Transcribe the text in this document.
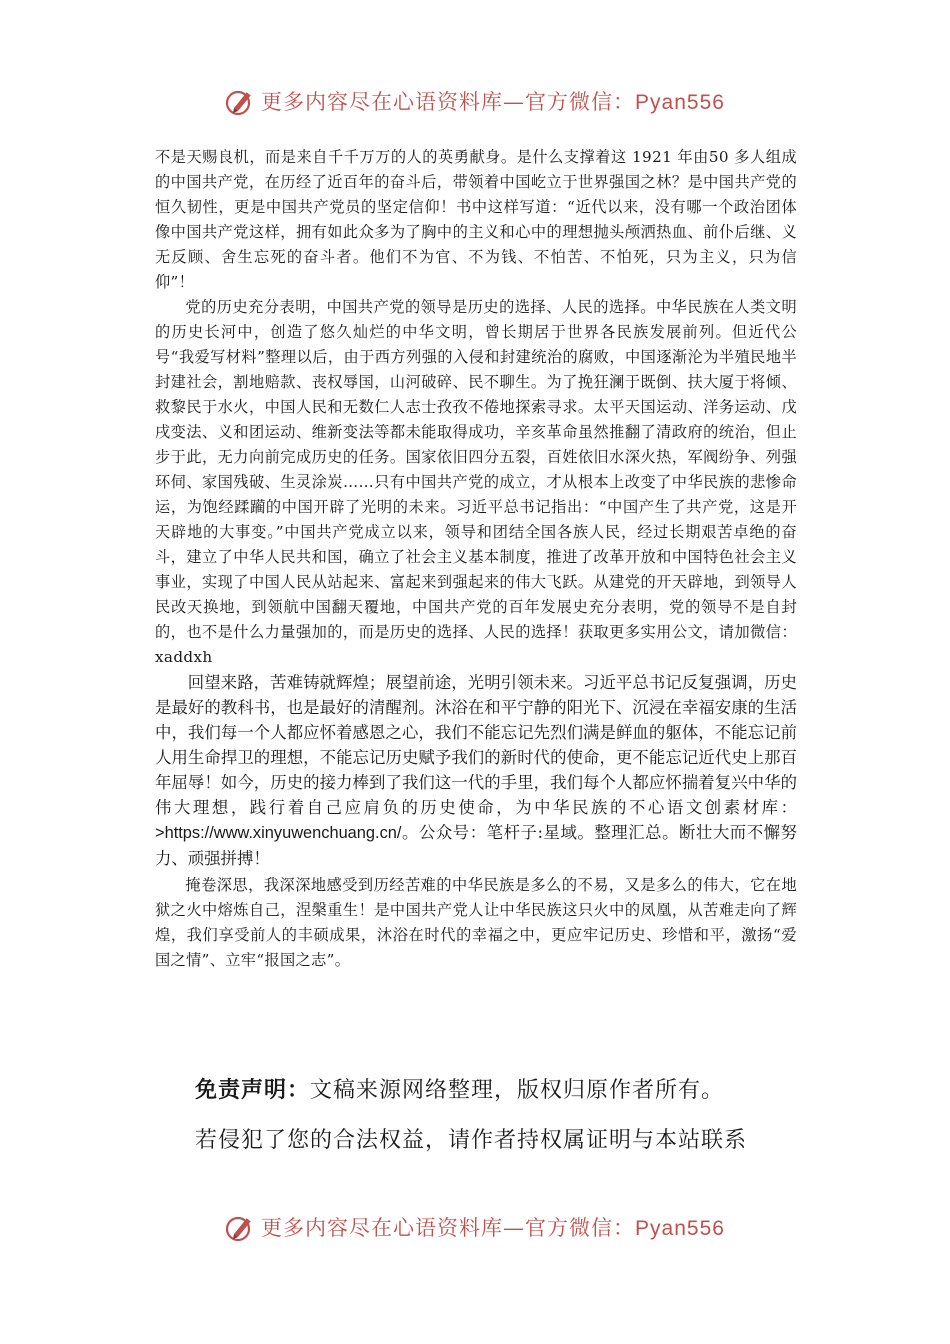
更多内容尽在心语资料库—官方微信：Pyan556

不是天赐良机，而是来自千千万万的人的英勇献身。是什么支撑着这 1921 年由50 多人组成的中国共产党，在历经了近百年的奋斗后，带领着中国屹立于世界强国之林？是中国共产党的恒久韧性，更是中国共产党员的坚定信仰！书中这样写道：“近代以来，没有哪一个政治团体像中国共产党这样，拥有如此众多为了胸中的主义和心中的理想抛头颅洒热血、前仆后继、义无反顾、舍生忘死的奋斗者。他们不为官、不为钱、不怕苦、不怕死，只为主义，只为信仰”！

党的历史充分表明，中国共产党的领导是历史的选择、人民的选择。中华民族在人类文明的历史长河中，创造了悠久灿烂的中华文明，曾长期居于世界各民族发展前列。但近代公号“我爱写材料”整理以后，由于西方列强的入侵和封建统治的腐败，中国逐渐沦为半殖民地半封建社会，割地赔款、丧权辱国，山河破碎、民不聊生。为了挽狂澜于既倒、扶大厦于将倾、救黎民于水火，中国人民和无数仁人志士孜孜不倦地探索寻求。太平天国运动、洋务运动、戊戌变法、义和团运动、维新变法等都未能取得成功，辛亥革命虽然推翻了清政府的统治，但止步于此，无力向前完成历史的任务。国家依旧四分五裂，百姓依旧水深火热，军阀纷争、列强环伺、家国残破、生灵涂炭……只有中国共产党的成立，才从根本上改变了中华民族的悲惨命运，为饱经蹂躏的中国开辟了光明的未来。习近平总书记指出：“中国产生了共产党，这是开天辟地的大事变。”中国共产党成立以来，领导和团结全国各族人民，经过长期艰苦卓绝的奋斗，建立了中华人民共和国，确立了社会主义基本制度，推进了改革开放和中国特色社会主义事业，实现了中国人民从站起来、富起来到强起来的伟大飞跃。从建党的开天辟地，到领导人民改天换地，到领航中国翻天覆地，中国共产党的百年发展史充分表明，党的领导不是自封的，也不是什么力量强加的，而是历史的选择、人民的选择！获取更多实用公文，请加微信：xaddxh

回望来路，苦难铸就辉煌；展望前途，光明引领未来。习近平总书记反复强调，历史是最好的教科书，也是最好的清醒剂。沐浴在和平宁静的阳光下、沉浸在幸福安康的生活中，我们每一个人都应怀着感恩之心，我们不能忘记先烈们满是鲜血的躯体，不能忘记前人用生命捍卫的理想，不能忘记历史赋予我们的新时代的使命，更不能忘记近代史上那百年屈辱！如今，历史的接力棒到了我们这一代的手里，我们每个人都应怀揣着复兴中华的伟大理想，践行着自己应肩负的历史使命，为中华民族的不心语文创素材库：>https://www.xinyuwenchuang.cn/。公众号：笔杆子:星域。整理汇总。断壮大而不懈努力、顽强拼搏！

掩卷深思，我深深地感受到历经苦难的中华民族是多么的不易，又是多么的伟大，它在地狱之火中熔炼自己，涅槃重生！是中国共产党人让中华民族这只火中的凤凰，从苦难走向了辉煌，我们享受前人的丰硕成果，沐浴在时代的幸福之中，更应牢记历史、珍惜和平，激扬“爱国之情”、立牢“报国之志”。

免责声明：文稿来源网络整理，版权归原作者所有。

若侵犯了您的合法权益，请作者持权属证明与本站联系

更多内容尽在心语资料库—官方微信：Pyan556
